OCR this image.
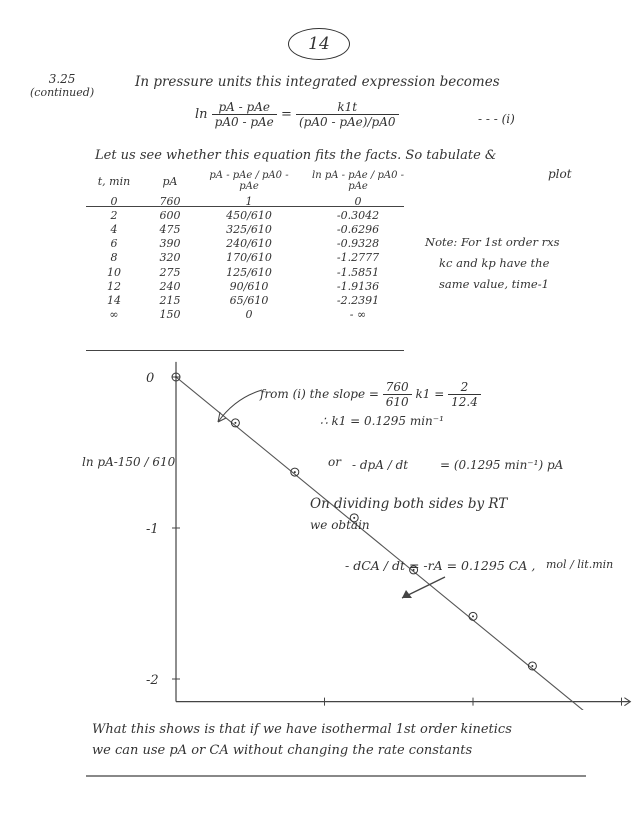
14
3.25
(continued)
In pressure units this integrated expression becomes
$\ln \frac{\text{pA - pAe}}{\text{pA0 - pAe}} = \frac{k1t}{\text{(pA0 - pAe)/pA0}}$	- - - (i)
Let us see whether this equation fits the facts. So tabulate &
plot
t, min	pA	pA - pAe / pA0 - pAe	ln pA - pAe / pA0 - pAe
0	760	1	0
2	600	450/610	-0.3042
4	475	325/610	-0.6296
6	390	240/610	-0.9328
8	320	170/610	-1.2777
10	275	125/610	-1.5851
12	240	90/610	-1.9136
14	215	65/610	-2.2391
∞	150	0	- ∞
Note: For 1st order rxs
kc and kp have the
same value, time-1
0
-1
-2
ln pA-150 / 610
from (i) the slope = $\frac{760}{610} k1 = \frac{2}{12.4}$
∴ k1 = 0.1295 min⁻¹
or - dpA / dt	= (0.1295 min⁻¹) pA
On dividing both sides by RT
we obtain
- dCA / dt = -rA = 0.1295 CA , mol / lit.min
What this shows is that if we have isothermal 1st order kinetics
we can use pA or CA without changing the rate constants
